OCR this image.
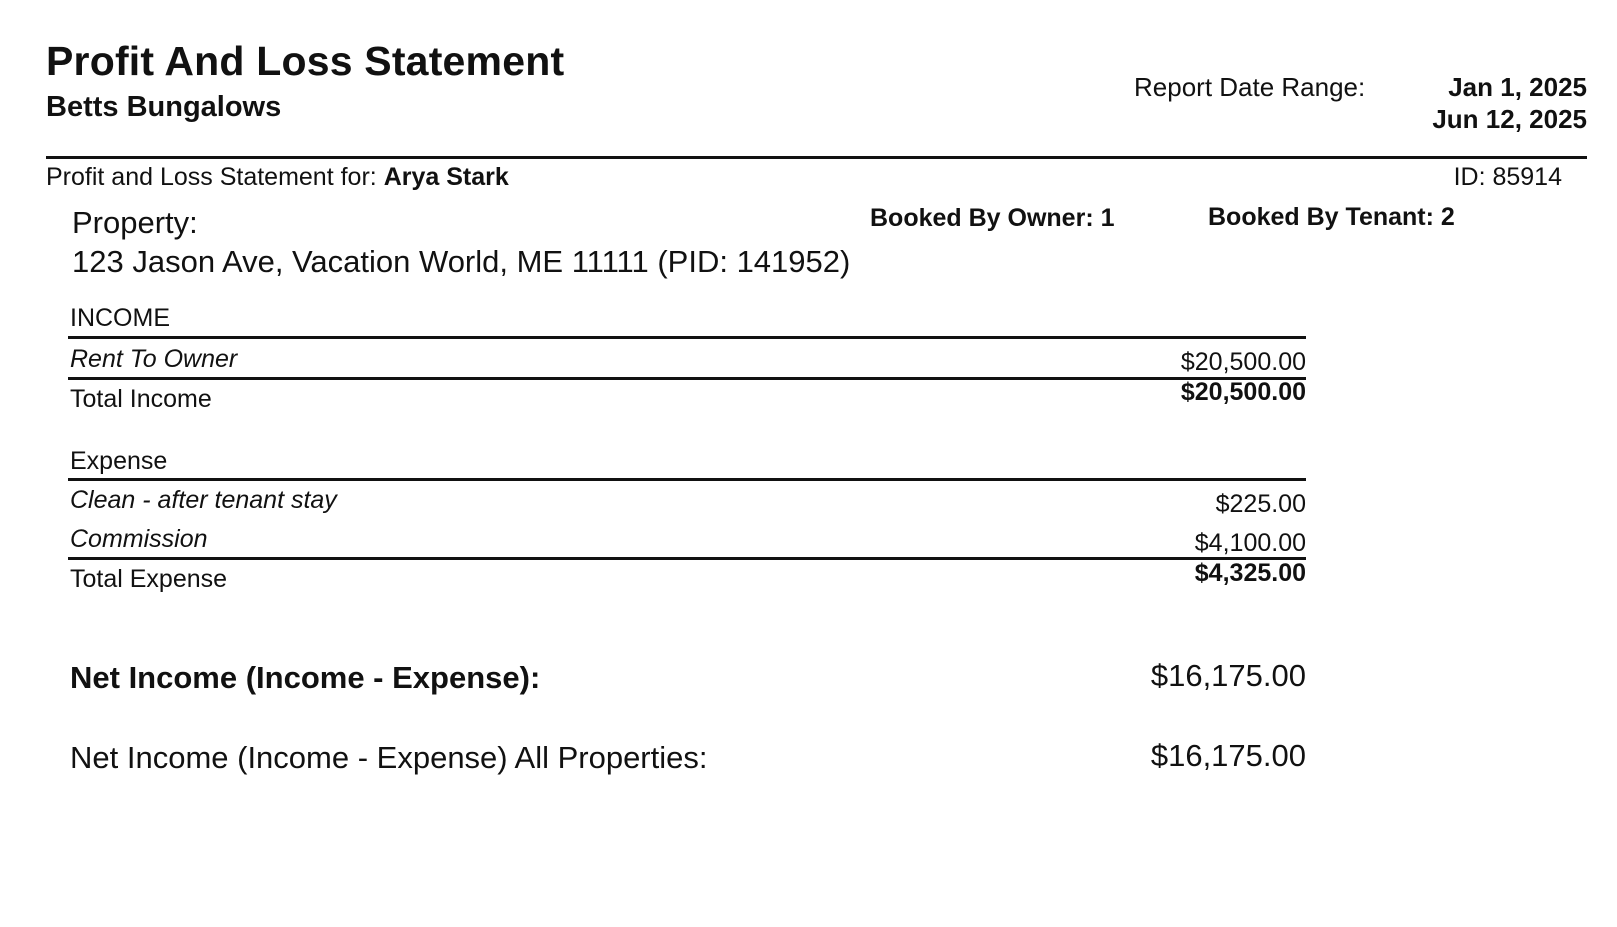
Profit And Loss Statement
Betts Bungalows
Report Date Range:	Jan 1, 2025
Jun 12, 2025
Profit and Loss Statement for: Arya Stark	ID: 85914
Property:
123 Jason Ave, Vacation World, ME 11111 (PID: 141952)
Booked By Owner: 1	Booked By Tenant: 2
INCOME
Rent To Owner	$20,500.00
Total Income	$20,500.00
Expense
Clean - after tenant stay	$225.00
Commission	$4,100.00
Total Expense	$4,325.00
Net Income (Income - Expense):	$16,175.00
Net Income (Income - Expense) All Properties:	$16,175.00
